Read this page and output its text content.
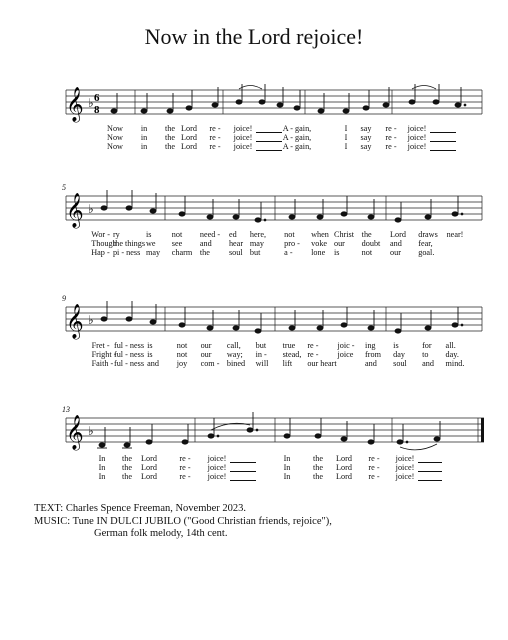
Now in the Lord rejoice!
𝄞 ♭ 6
8
Now
Now
Now
in
in
in
the
the
the
Lord
Lord
Lord
re -
re -
re -
joice!
joice!
joice!
A - gain,
A - gain,
A - gain,
I
I
I
say
say
say
re -
re -
re -
joice!
joice!
joice!
5
𝄞 ♭
Wor -
Though
Hap -
ry
the things
pi - ness
is
we
may
not
see
charm
need -
and
the
ed
hear
soul
here,
may
but
not
pro -
a -
when
voke
lone
Christ
our
is
the
doubt
not
Lord
and
our
draws
fear,
goal.
near!

9
𝄞 ♭
Fret -
Fright -
Faith -
ful - ness
ful - ness
ful - ness
is
is
and
not
not
joy
our
our
com -
call,
way;
bined
but
in -
will
true
stead,
lift
re -
re -
our heart
joic -
joice

ing
from
and
is
day
soul
for
to
and
all.
day.
mind.
13
𝄞 ♭
In
In
In
the
the
the
Lord
Lord
Lord
re -
re -
re -
joice!
joice!
joice!
In
In
In
the
the
the
Lord
Lord
Lord
re -
re -
re -
joice!
joice!
joice!
TEXT: Charles Spence Freeman, November 2023.
MUSIC: Tune IN DULCI JUBILO ("Good Christian friends, rejoice"),
German folk melody, 14th cent.
